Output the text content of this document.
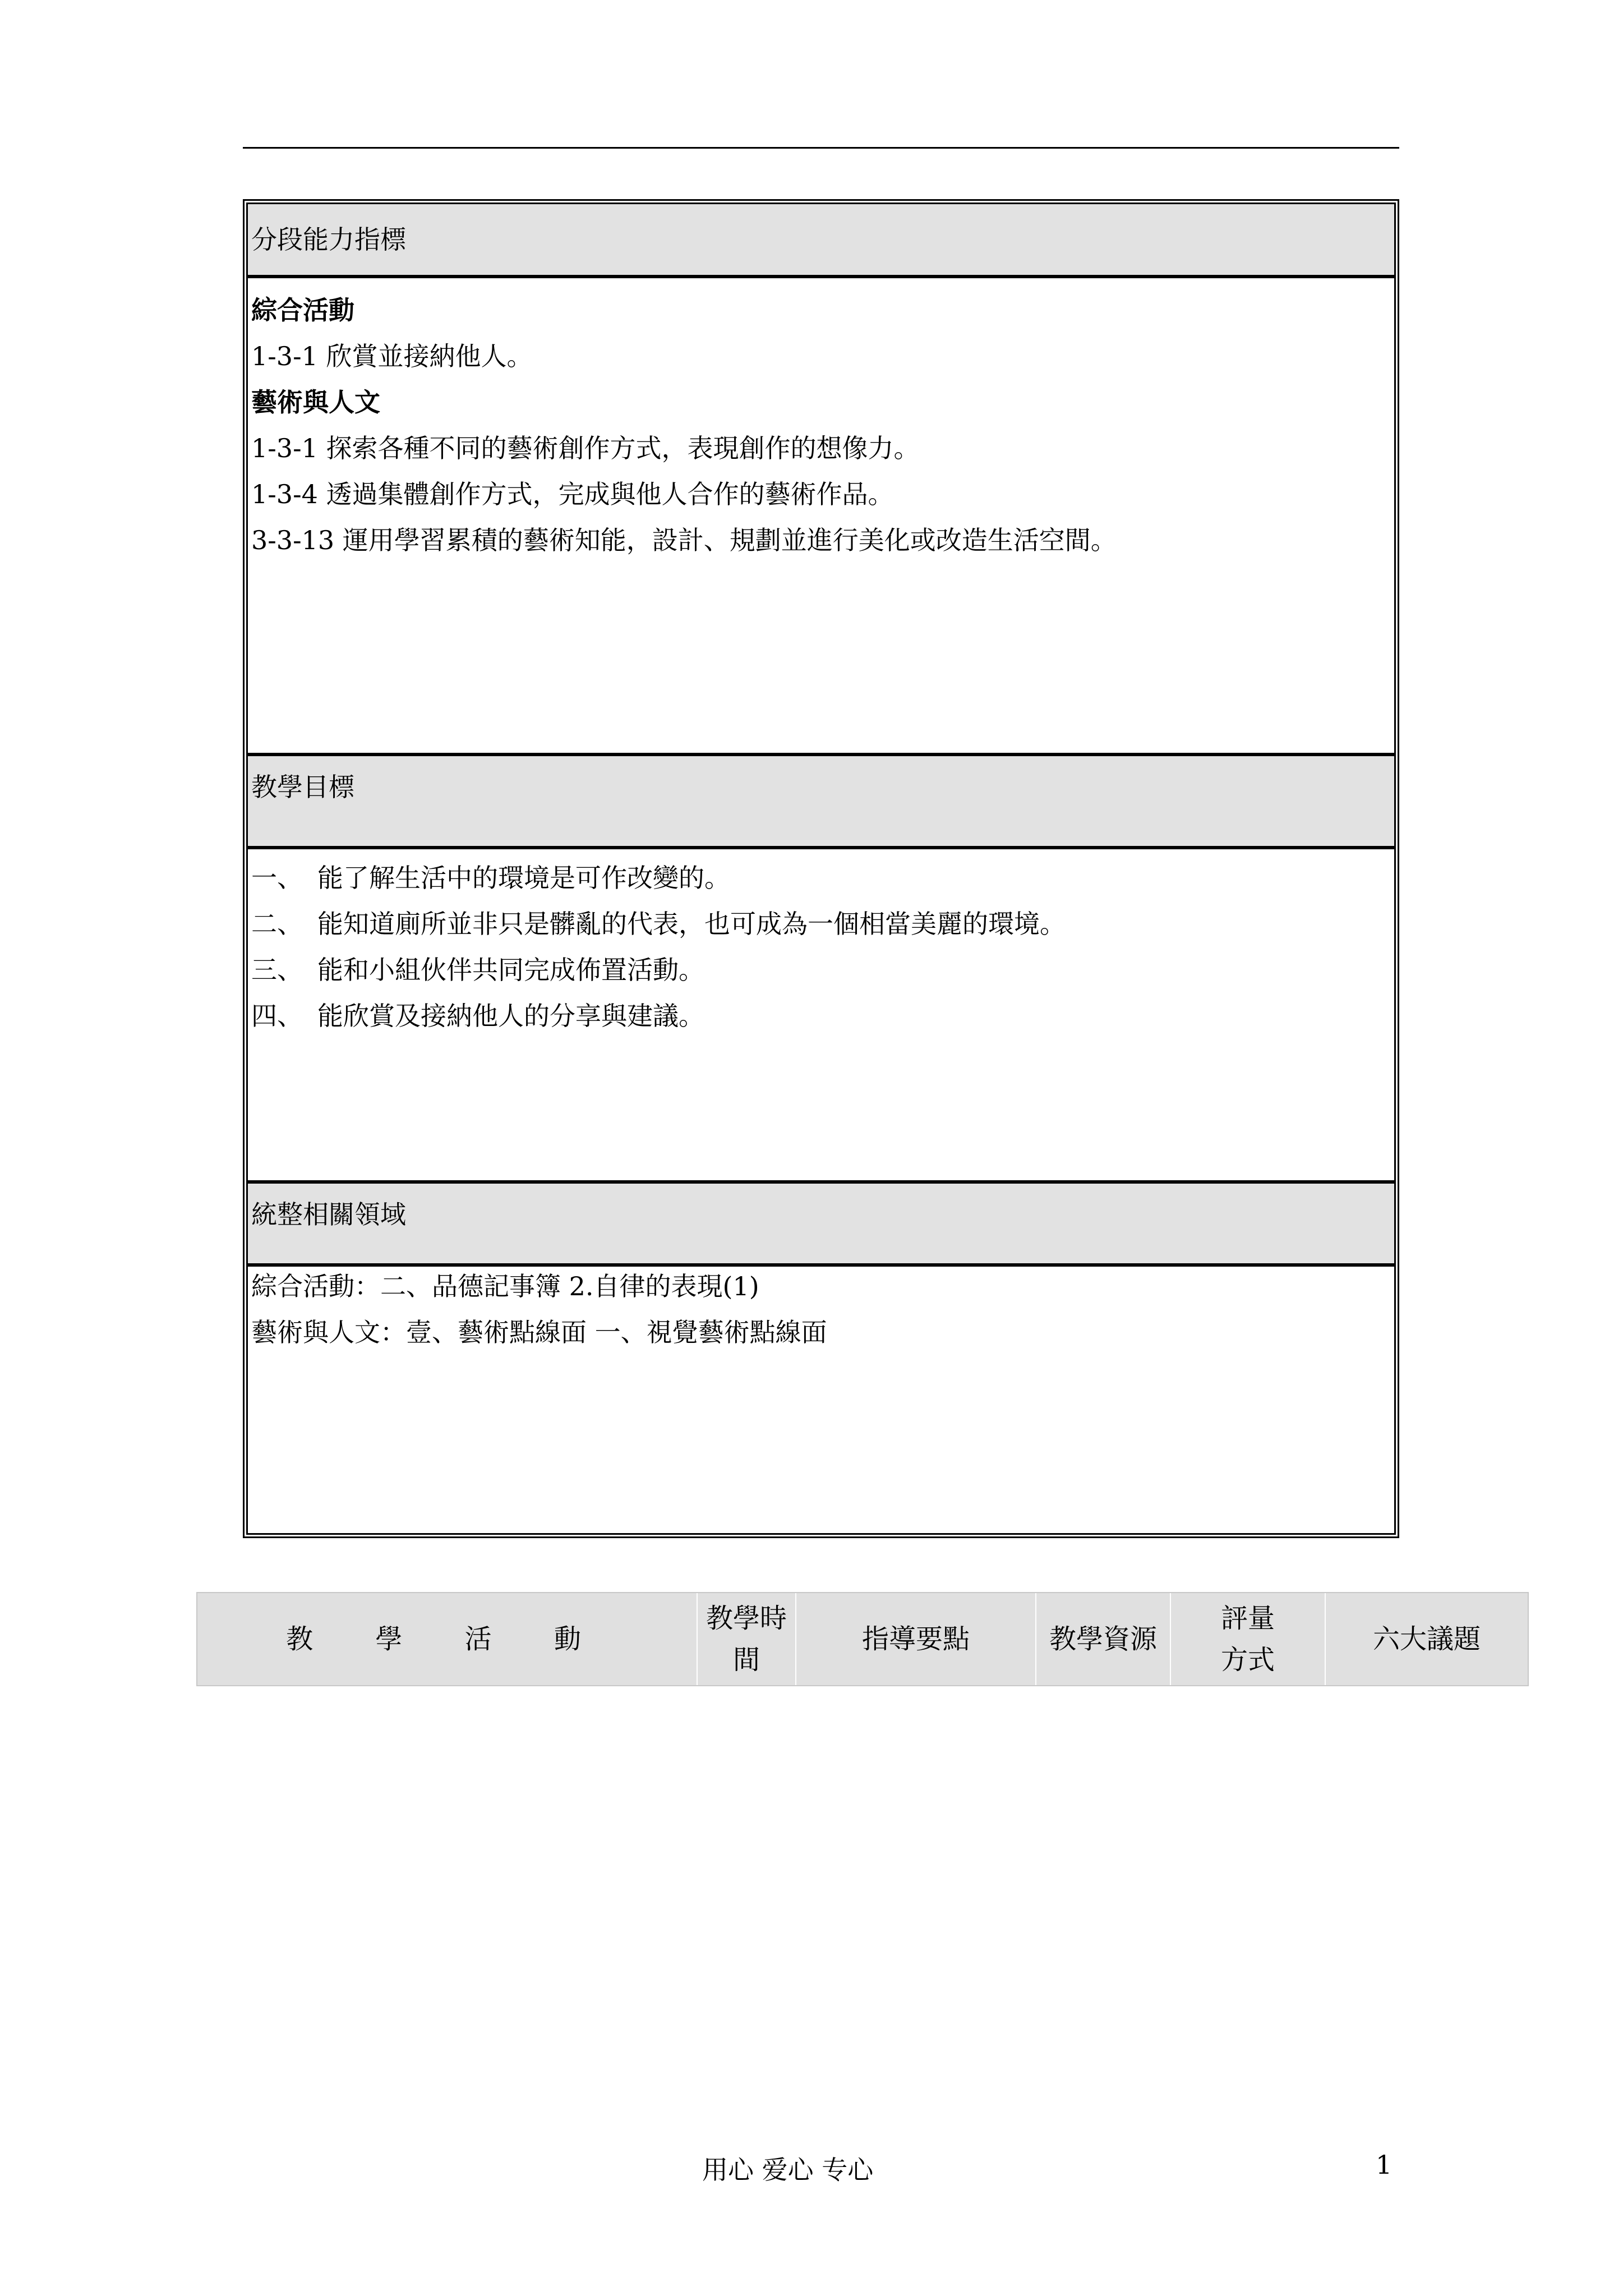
分段能力指標
綜合活動
1-3-1 欣賞並接納他人。
藝術與人文
1-3-1 探索各種不同的藝術創作方式，表現創作的想像力。
1-3-4 透過集體創作方式，完成與他人合作的藝術作品。
3-3-13 運用學習累積的藝術知能，設計、規劃並進行美化或改造生活空間。
教學目標
一、 能了解生活中的環境是可作改變的。
二、 能知道廁所並非只是髒亂的代表，也可成為一個相當美麗的環境。
三、 能和小組伙伴共同完成佈置活動。
四、 能欣賞及接納他人的分享與建議。
統整相關領域
綜合活動：二、品德記事簿 2.自律的表現(1)
藝術與人文：壹、藝術點線面 一、視覺藝術點線面
教 學 活 動
教學時
間
指導要點	教學資源
評量
方式
六大議題
用心 爱心 专心	1
